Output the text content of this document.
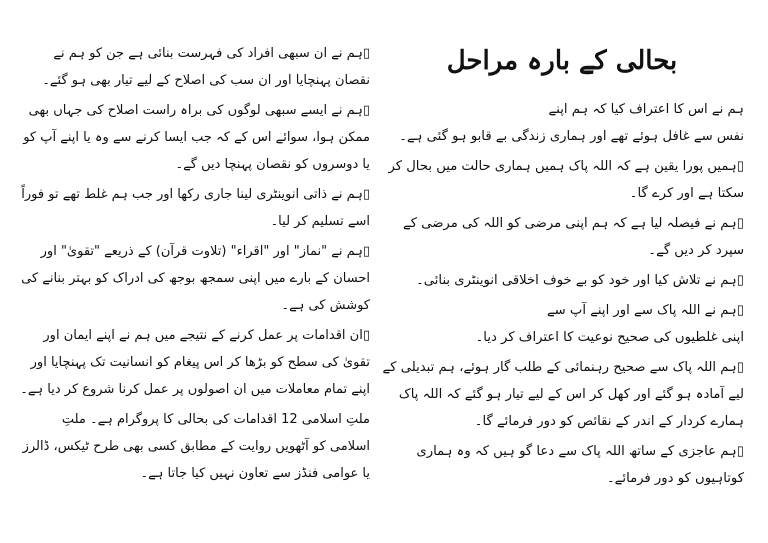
بحالی کے بارہ مراحل

ہم نے اس کا اعتراف کیا کہ ہم اپنے

نفس سے غافل ہوئے تھے اور ہماری زندگی بے قابو ہو گئی ہے۔

▯ہمیں پورا یقین ہے کہ اللہ پاک ہمیں ہماری حالت میں بحال کر سکتا ہے اور کرے گا۔

▯ہم نے فیصلہ لیا ہے کہ ہم اپنی مرضی کو اللہ کی مرضی کے سپرد کر دیں گے۔

▯ہم نے تلاش کیا اور خود کو بے خوف اخلاقی انوینٹری بنائی۔

▯ہم نے اللہ پاک سے اور اپنے آپ سے

اپنی غلطیوں کی صحیح نوعیت کا اعتراف کر دیا۔

▯ہم اللہ پاک سے صحیح رہنمائی کے طلب گار ہوئے، ہم تبدیلی کے لیے آمادہ ہو گئے اور کھل کر اس کے لیے تیار ہو گئے کہ اللہ پاک ہمارے کردار کے اندر کے نقائص کو دور فرمائے گا۔

▯ہم عاجزی کے ساتھ اللہ پاک سے دعا گو ہیں کہ وہ ہماری کوتاہیوں کو دور فرمائے۔

▯ہم نے ان سبھی افراد کی فہرست بنائی ہے جن کو ہم نے نقصان پہنچایا اور ان سب کی اصلاح کے لیے تیار بھی ہو گئے۔

▯ہم نے ایسے سبھی لوگوں کی براہ راست اصلاح کی جہاں بھی ممکن ہوا، سوائے اس کے کہ جب ایسا کرنے سے وہ یا اپنے آپ کو یا دوسروں کو نقصان پہنچا دیں گے۔

▯ہم نے ذاتی انوینٹری لینا جاری رکھا اور جب ہم غلط تھے تو فوراً اسے تسلیم کر لیا۔

▯ہم نے "نماز" اور "اقراء" (تلاوت قرآن) کے ذریعے "تقویٰ" اور احسان کے بارے میں اپنی سمجھ بوجھ کی ادراک کو بہتر بنانے کی کوشش کی ہے۔

▯ان اقدامات پر عمل کرنے کے نتیجے میں ہم نے اپنے ایمان اور تقویٰ کی سطح کو بڑھا کر اس پیغام کو انسانیت تک پہنچایا اور اپنے تمام معاملات میں ان اصولوں پر عمل کرنا شروع کر دیا ہے۔

ملتِ اسلامی 12 اقدامات کی بحالی کا پروگرام ہے۔ ملتِ اسلامی کو آٹھویں روایت کے مطابق کسی بھی طرح ٹیکس، ڈالرز یا عوامی فنڈز سے تعاون نہیں کیا جاتا ہے۔
